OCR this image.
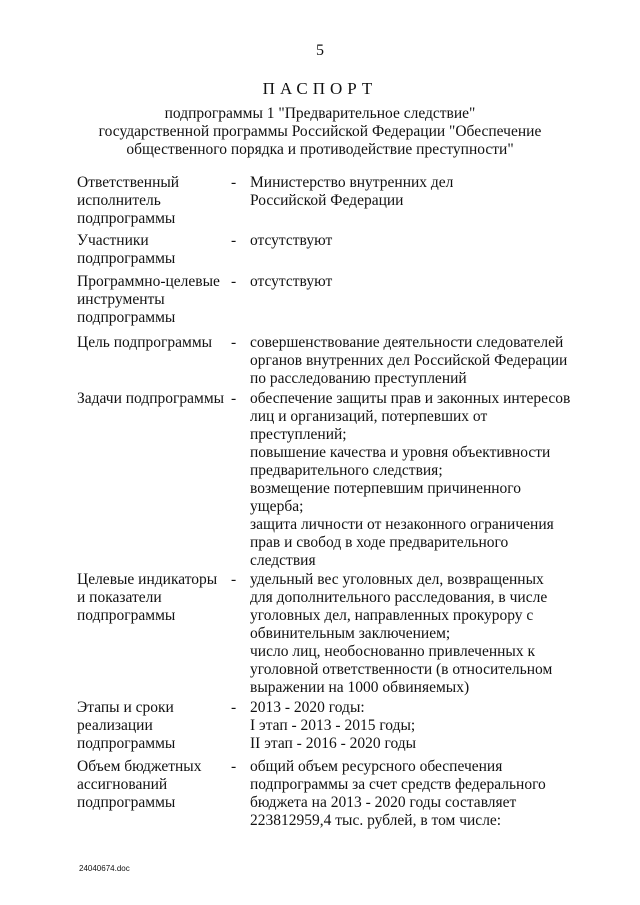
5
ПАСПОРТ
подпрограммы 1 "Предварительное следствие"
государственной программы Российской Федерации "Обеспечение
общественного порядка и противодействие преступности"
Ответственный
исполнитель
подпрограммы
- Министерство внутренних дел
Российской Федерации
Участники
подпрограммы
- отсутствуют
Программно-целевые
инструменты
подпрограммы
- отсутствуют
Цель подпрограммы	- совершенствование деятельности следователей
органов внутренних дел Российской Федерации
по расследованию преступлений
Задачи подпрограммы - обеспечение защиты прав и законных интересов
лиц и организаций, потерпевших от
преступлений;
повышение качества и уровня объективности
предварительного следствия;
возмещение потерпевшим причиненного
ущерба;
защита личности от незаконного ограничения
прав и свобод в ходе предварительного
следствия
Целевые индикаторы
и показатели
подпрограммы
- удельный вес уголовных дел, возвращенных
для дополнительного расследования, в числе
уголовных дел, направленных прокурору с
обвинительным заключением;
число лиц, необоснованно привлеченных к
уголовной ответственности (в относительном
выражении на 1000 обвиняемых)
Этапы и сроки
реализации
подпрограммы
- 2013 - 2020 годы:
I этап - 2013 - 2015 годы;
II этап - 2016 - 2020 годы
Объем бюджетных
ассигнований
подпрограммы
- общий объем ресурсного обеспечения
подпрограммы за счет средств федерального
бюджета на 2013 - 2020 годы составляет
223812959,4 тыс. рублей, в том числе:
24040674.doc
